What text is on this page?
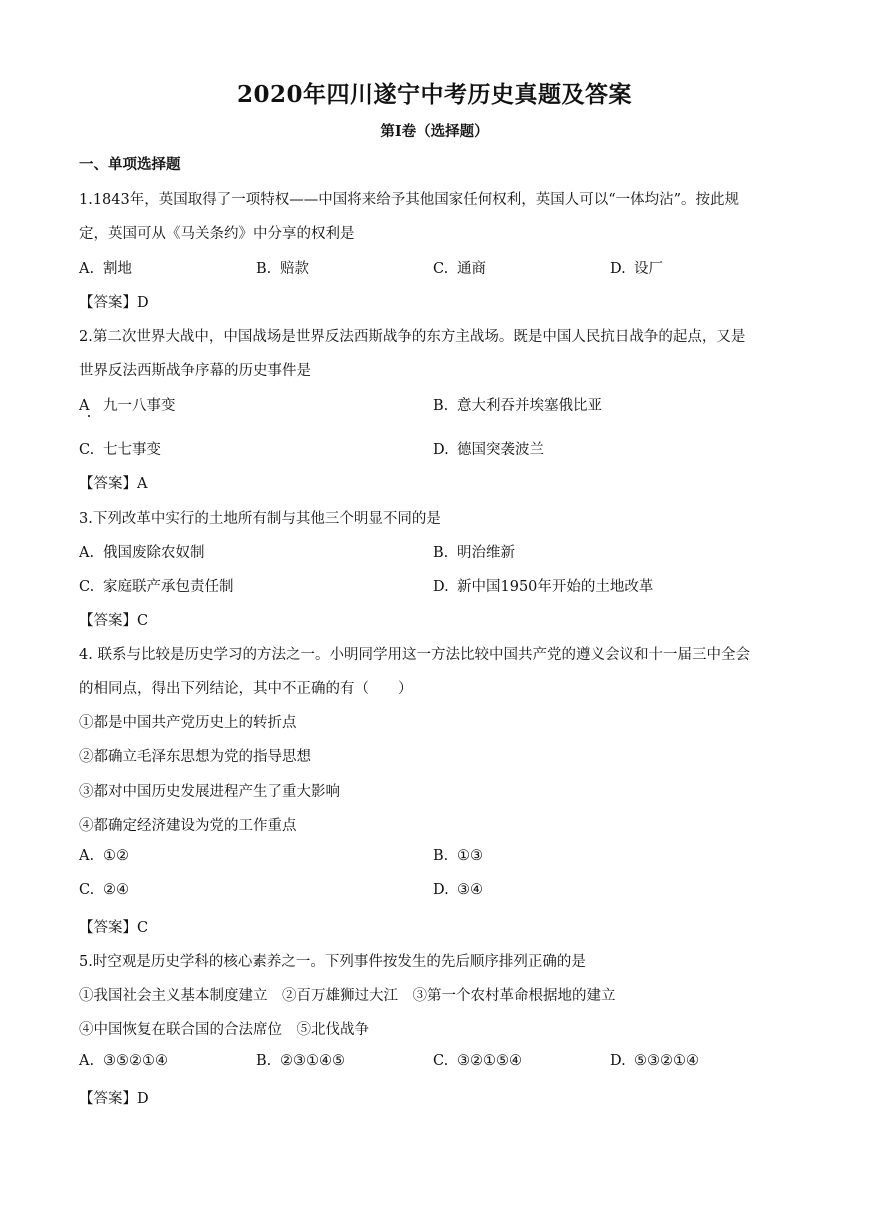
2020年四川遂宁中考历史真题及答案
第Ⅰ卷（选择题）
一、单项选择题
1.1843年，英国取得了一项特权——中国将来给予其他国家任何权利，英国人可以“一体均沾”。按此规
定，英国可从《马关条约》中分享的权利是
A. 割地	B. 赔款	C. 通商	D. 设厂
【答案】D
2.第二次世界大战中，中国战场是世界反法西斯战争的东方主战场。既是中国人民抗日战争的起点，又是
世界反法西斯战争序幕的历史事件是
A 九一八事变	B. 意大利吞并埃塞俄比亚
C. 七七事变	D. 德国突袭波兰
【答案】A
3.下列改革中实行的土地所有制与其他三个明显不同的是
A. 俄国废除农奴制	B. 明治维新
C. 家庭联产承包责任制	D. 新中国1950年开始的土地改革
【答案】C
4. 联系与比较是历史学习的方法之一。小明同学用这一方法比较中国共产党的遵义会议和十一届三中全会
的相同点，得出下列结论，其中不正确的有（　　）
①都是中国共产党历史上的转折点
②都确立毛泽东思想为党的指导思想
③都对中国历史发展进程产生了重大影响
④都确定经济建设为党的工作重点
A. ①②	B. ①③
C. ②④	D. ③④
【答案】C
5.时空观是历史学科的核心素养之一。下列事件按发生的先后顺序排列正确的是
①我国社会主义基本制度建立　②百万雄狮过大江　③第一个农村革命根据地的建立
④中国恢复在联合国的合法席位　⑤北伐战争
A. ③⑤②①④	B. ②③①④⑤	C. ③②①⑤④	D. ⑤③②①④
【答案】D
